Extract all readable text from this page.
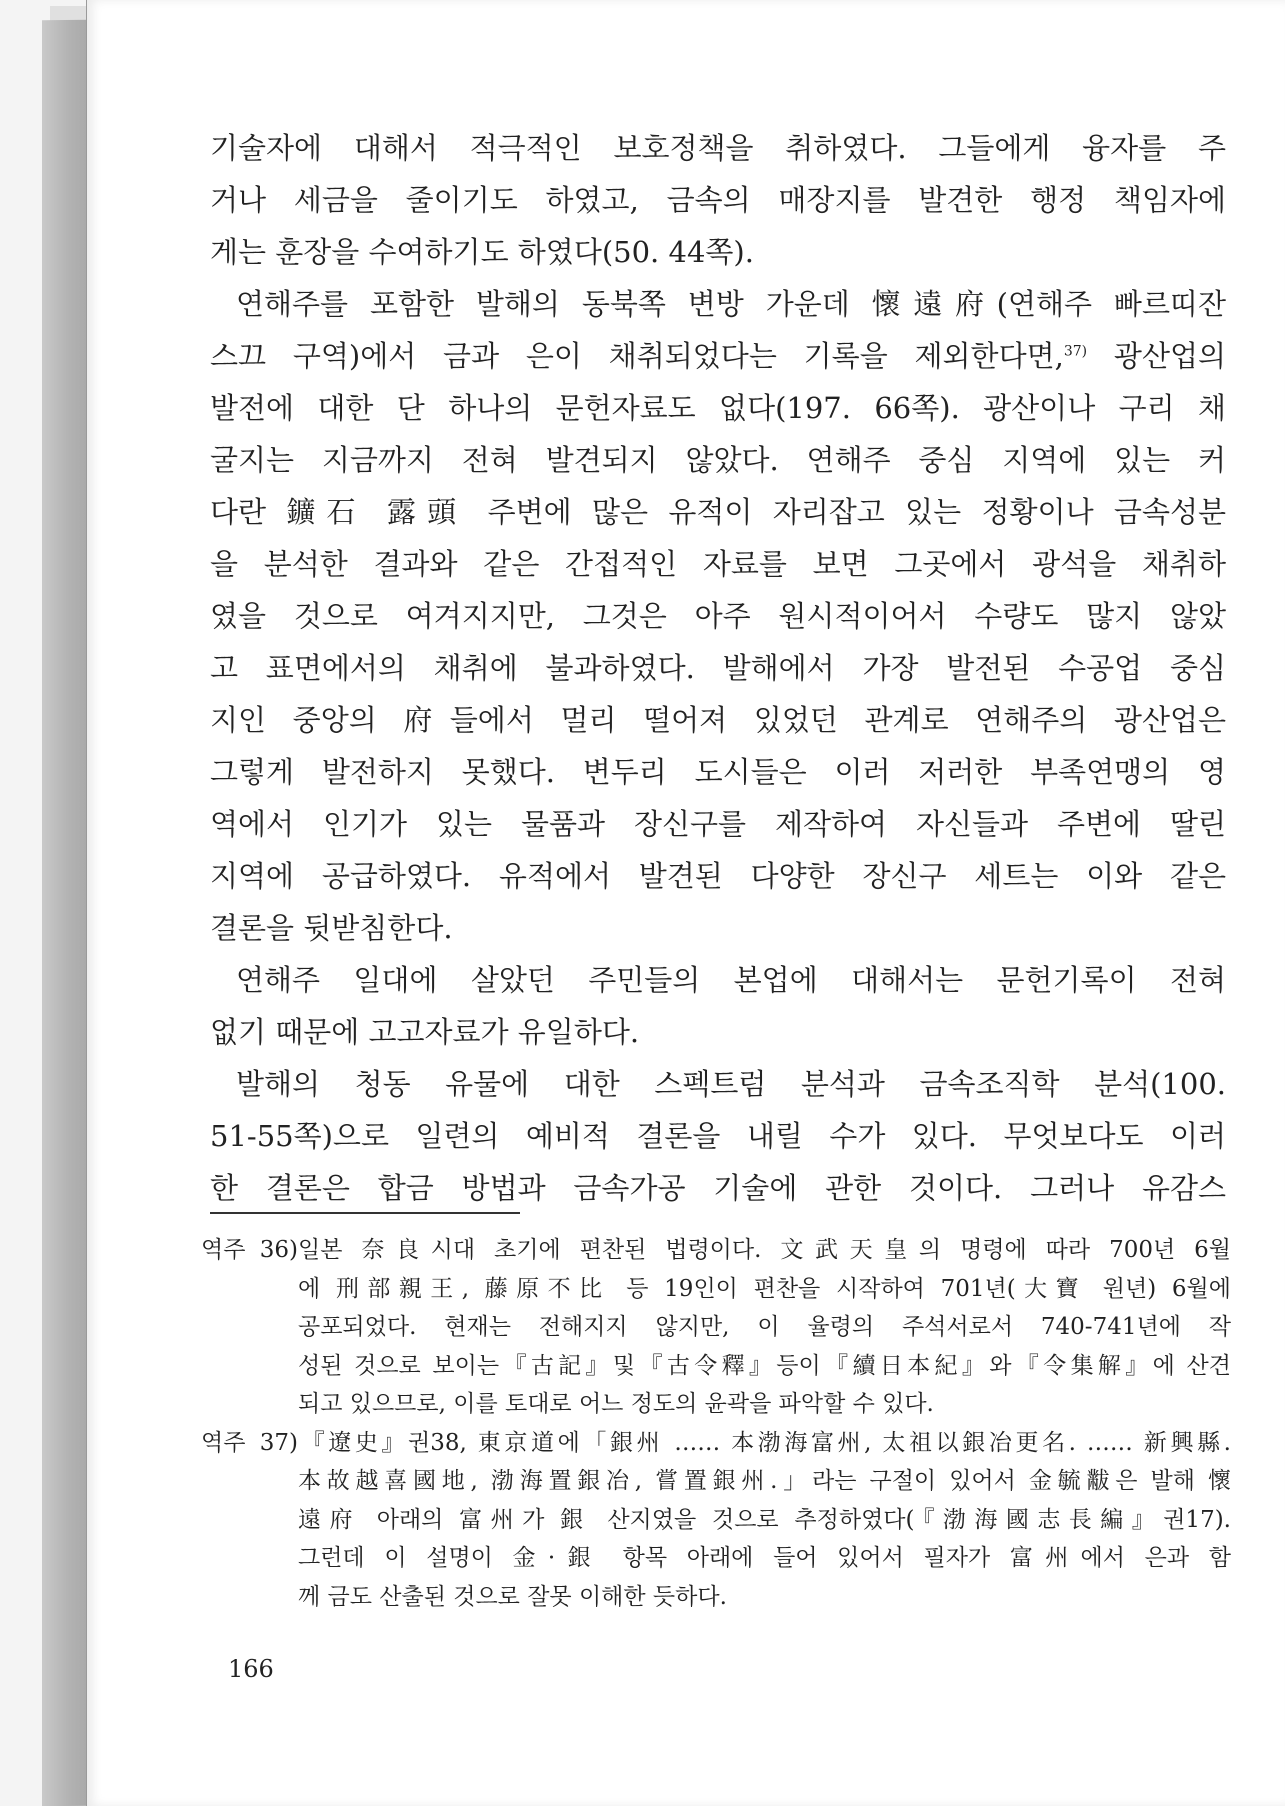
기술자에 대해서 적극적인 보호정책을 취하였다. 그들에게 융자를 주
거나 세금을 줄이기도 하였고, 금속의 매장지를 발견한 행정 책임자에
게는 훈장을 수여하기도 하였다(50. 44쪽).
연해주를 포함한 발해의 동북쪽 변방 가운데 懷遠府(연해주 빠르띠잔
스끄 구역)에서 금과 은이 채취되었다는 기록을 제외한다면,$^{37)}$ 광산업의
발전에 대한 단 하나의 문헌자료도 없다(197. 66쪽). 광산이나 구리 채
굴지는 지금까지 전혀 발견되지 않았다. 연해주 중심 지역에 있는 커
다란 鑛石 露頭 주변에 많은 유적이 자리잡고 있는 정황이나 금속성분
을 분석한 결과와 같은 간접적인 자료를 보면 그곳에서 광석을 채취하
였을 것으로 여겨지지만, 그것은 아주 원시적이어서 수량도 많지 않았
고 표면에서의 채취에 불과하였다. 발해에서 가장 발전된 수공업 중심
지인 중앙의 府들에서 멀리 떨어져 있었던 관계로 연해주의 광산업은
그렇게 발전하지 못했다. 변두리 도시들은 이러 저러한 부족연맹의 영
역에서 인기가 있는 물품과 장신구를 제작하여 자신들과 주변에 딸린
지역에 공급하였다. 유적에서 발견된 다양한 장신구 세트는 이와 같은
결론을 뒷받침한다.
연해주 일대에 살았던 주민들의 본업에 대해서는 문헌기록이 전혀
없기 때문에 고고자료가 유일하다.
발해의 청동 유물에 대한 스펙트럼 분석과 금속조직학 분석(100.
51-55쪽)으로 일련의 예비적 결론을 내릴 수가 있다. 무엇보다도 이러
한 결론은 합금 방법과 금속가공 기술에 관한 것이다. 그러나 유감스
역주 36)일본 奈良시대 초기에 편찬된 법령이다. 文武天皇의 명령에 따라 700년 6월
에 刑部親王, 藤原不比 등 19인이 편찬을 시작하여 701년(大寶 원년) 6월에
공포되었다. 현재는 전해지지 않지만, 이 율령의 주석서로서 740-741년에 작
성된 것으로 보이는『古記』및『古令釋』등이『續日本紀』와『令集解』에 산견
되고 있으므로, 이를 토대로 어느 정도의 윤곽을 파악할 수 있다.
역주 37)『遼史』권38, 東京道에「銀州 …… 本渤海富州, 太祖以銀冶更名. …… 新興縣.
本故越喜國地, 渤海置銀冶, 嘗置銀州.」라는 구절이 있어서 金毓黻은 발해 懷
遠府 아래의 富州가 銀 산지였을 것으로 추정하였다(『渤海國志長編』권17).
그런데 이 설명이 金·銀 항목 아래에 들어 있어서 필자가 富州에서 은과 함
께 금도 산출된 것으로 잘못 이해한 듯하다.
166
